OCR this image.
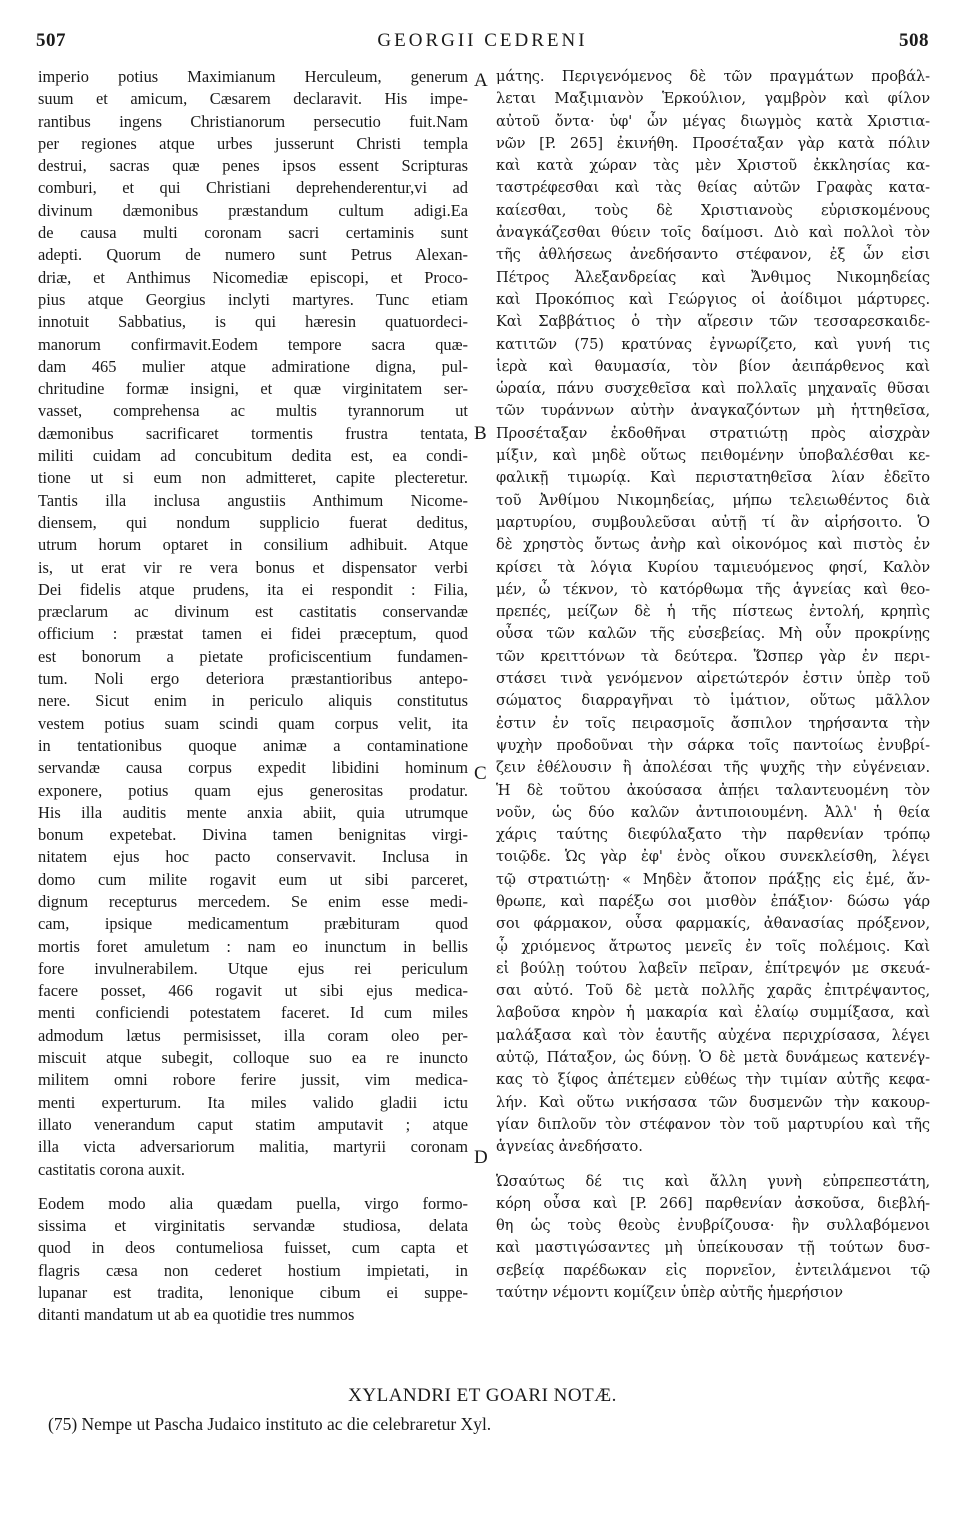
507	GEORGII CEDRENI	508
A
B
C
D
imperio potius Maximianum Herculeum, generum
suum et amicum, Cæsarem declaravit. His impe-
rantibus ingens Christianorum persecutio fuit.Nam
per regiones atque urbes jusserunt Christi templa
destrui, sacras quæ penes ipsos essent Scripturas
comburi, et qui Christiani deprehenderentur,vi ad
divinum dæmonibus præstandum cultum adigi.Ea
de causa multi coronam sacri certaminis sunt
adepti. Quorum de numero sunt Petrus Alexan-
driæ, et Anthimus Nicomediæ episcopi, et Proco-
pius atque Georgius inclyti martyres. Tunc etiam
innotuit Sabbatius, is qui hæresin quatuordeci-
manorum confirmavit.Eodem tempore sacra quæ-
dam 465 mulier atque admiratione digna, pul-
chritudine formæ insigni, et quæ virginitatem ser-
vasset, comprehensa ac multis tyrannorum ut
dæmonibus sacrificaret tormentis frustra tentata,
militi cuidam ad concubitum dedita est, ea condi-
tione ut si eum non admitteret, capite plecteretur.
Tantis illa inclusa angustiis Anthimum Nicome-
diensem, qui nondum supplicio fuerat deditus,
utrum horum optaret in consilium adhibuit. Atque
is, ut erat vir re vera bonus et dispensator verbi
Dei fidelis atque prudens, ita ei respondit : Filia,
præclarum ac divinum est castitatis conservandæ
officium : præstat tamen ei fidei præceptum, quod
est bonorum a pietate proficiscentium fundamen-
tum. Noli ergo deteriora præstantioribus antepo-
nere. Sicut enim in periculo aliquis constitutus
vestem potius suam scindi quam corpus velit, ita
in tentationibus quoque animæ a contaminatione
servandæ causa corpus expedit libidini hominum
exponere, potius quam ejus generositas prodatur.
His illa auditis mente anxia abiit, quia utrumque
bonum expetebat. Divina tamen benignitas virgi-
nitatem ejus hoc pacto conservavit. Inclusa in
domo cum milite rogavit eum ut sibi parceret,
dignum recepturus mercedem. Se enim esse medi-
cam, ipsique medicamentum præbituram quod
mortis foret amuletum : nam eo inunctum in bellis
fore invulnerabilem. Utque ejus rei periculum
facere posset, 466 rogavit ut sibi ejus medica-
menti conficiendi potestatem faceret. Id cum miles
admodum lætus permisisset, illa coram oleo per-
miscuit atque subegit, colloque suo ea re inuncto
militem omni robore ferire jussit, vim medica-
menti experturum. Ita miles valido gladii ictu
illato venerandum caput statim amputavit ; atque
illa victa adversariorum malitia, martyrii coronam
castitatis corona auxit.
Eodem modo alia quædam puella, virgo formo-
sissima et virginitatis servandæ studiosa, delata
quod in deos contumeliosa fuisset, cum capta et
flagris cæsa non cederet hostium impietati, in
lupanar est tradita, lenonique cibum ei suppe-
ditanti mandatum ut ab ea quotidie tres nummos
μάτης. Περιγενόμενος δὲ τῶν πραγμάτων προβάλ-
λεται Μαξιμιανὸν Ἑρκούλιον, γαμβρὸν καὶ φίλον
αὐτοῦ ὄντα· ὑφ' ὧν μέγας διωγμὸς κατὰ Χριστια-
νῶν [P. 265] ἐκινήθη. Προσέταξαν γὰρ κατὰ πόλιν
καὶ κατὰ χώραν τὰς μὲν Χριστοῦ ἐκκλησίας κα-
ταστρέφεσθαι καὶ τὰς θείας αὐτῶν Γραφὰς κατα-
καίεσθαι, τοὺς δὲ Χριστιανοὺς εὑρισκομένους
ἀναγκάζεσθαι θύειν τοῖς δαίμοσι. Διὸ καὶ πολλοὶ τὸν
τῆς ἀθλήσεως ἀνεδήσαντο στέφανον, ἐξ ὧν εἰσι
Πέτρος Ἀλεξανδρείας καὶ Ἄνθιμος Νικομηδείας
καὶ Προκόπιος καὶ Γεώργιος οἱ ἀοίδιμοι μάρτυρες.
Καὶ Σαββάτιος ὁ τὴν αἵρεσιν τῶν τεσσαρεσκαιδε-
κατιτῶν (75) κρατύνας ἐγνωρίζετο, καὶ γυνή τις
ἱερὰ καὶ θαυμασία, τὸν βίον ἀειπάρθενος καὶ
ὡραία, πάνυ συσχεθεῖσα καὶ πολλαῖς μηχαναῖς θῦσαι
τῶν τυράννων αὐτὴν ἀναγκαζόντων μὴ ἡττηθεῖσα,
Προσέταξαν ἐκδοθῆναι στρατιώτῃ πρὸς αἰσχρὰν
μίξιν, καὶ μηδὲ οὕτως πειθομένην ὑποβαλέσθαι κε-
φαλικῇ τιμωρίᾳ. Καὶ περιστατηθεῖσα λίαν ἐδεῖτο
τοῦ Ἀνθίμου Νικομηδείας, μήπω τελειωθέντος διὰ
μαρτυρίου, συμβουλεῦσαι αὐτῇ τί ἂν αἱρήσοιτο. Ὁ
δὲ χρηστὸς ὄντως ἀνὴρ καὶ οἰκονόμος καὶ πιστὸς ἐν
κρίσει τὰ λόγια Κυρίου ταμιευόμενος φησί, Καλὸν
μέν, ὦ τέκνον, τὸ κατόρθωμα τῆς ἁγνείας καὶ θεο-
πρεπές, μείζων δὲ ἡ τῆς πίστεως ἐντολή, κρηπὶς
οὖσα τῶν καλῶν τῆς εὐσεβείας. Μὴ οὖν προκρίνῃς
τῶν κρειττόνων τὰ δεύτερα. Ὥσπερ γὰρ ἐν περι-
στάσει τινὰ γενόμενον αἱρετώτερόν ἐστιν ὑπὲρ τοῦ
σώματος διαρραγῆναι τὸ ἱμάτιον, οὕτως μᾶλλον
ἐστιν ἐν τοῖς πειρασμοῖς ἄσπιλον τηρήσαντα τὴν
ψυχὴν προδοῦναι τὴν σάρκα τοῖς παντοίως ἐνυβρί-
ζειν ἐθέλουσιν ἢ ἀπολέσαι τῆς ψυχῆς τὴν εὐγένειαν.
Ἡ δὲ τοῦτου ἀκούσασα ἀπῄει ταλαντευομένη τὸν
νοῦν, ὡς δύο καλῶν ἀντιποιουμένη. Ἀλλ' ἡ θεία
χάρις ταύτης διεφύλαξατο τὴν παρθενίαν τρόπῳ
τοιῷδε. Ὡς γὰρ ἐφ' ἑνὸς οἴκου συνεκλείσθη, λέγει
τῷ στρατιώτῃ· « Μηδὲν ἄτοπον πράξῃς εἰς ἐμέ, ἄν-
θρωπε, καὶ παρέξω σοι μισθὸν ἐπάξιον· δώσω γάρ
σοι φάρμακον, οὖσα φαρμακίς, ἀθανασίας πρόξενον,
ᾧ χριόμενος ἄτρωτος μενεῖς ἐν τοῖς πολέμοις. Καὶ
εἰ βούλῃ τούτου λαβεῖν πεῖραν, ἐπίτρεψόν με σκευά-
σαι αὐτό. Τοῦ δὲ μετὰ πολλῆς χαρᾶς ἐπιτρέψαντος,
λαβοῦσα κηρὸν ἡ μακαρία καὶ ἐλαίῳ συμμίξασα, καὶ
μαλάξασα καὶ τὸν ἑαυτῆς αὐχένα περιχρίσασα, λέγει
αὐτῷ, Πάταξον, ὡς δύνῃ. Ὁ δὲ μετὰ δυνάμεως κατενέγ-
κας τὸ ξίφος ἀπέτεμεν εὐθέως τὴν τιμίαν αὐτῆς κεφα-
λήν. Καὶ οὕτω νικήσασα τῶν δυσμενῶν τὴν κακουρ-
γίαν διπλοῦν τὸν στέφανον τὸν τοῦ μαρτυρίου καὶ τῆς
ἁγνείας ἀνεδήσατο.
Ὡσαύτως δέ τις καὶ ἄλλη γυνὴ εὐπρεπεστάτη,
κόρη οὖσα καὶ [P. 266] παρθενίαν ἀσκοῦσα, διεβλή-
θη ὡς τοὺς θεοὺς ἐνυβρίζουσα· ἣν συλλαβόμενοι
καὶ μαστιγώσαντες μὴ ὑπείκουσαν τῇ τούτων δυσ-
σεβείᾳ παρέδωκαν εἰς πορνεῖον, ἐντειλάμενοι τῷ
ταύτην νέμοντι κομίζειν ὑπὲρ αὐτῆς ἡμερήσιον
XYLANDRI ET GOARI NOTÆ.
(75) Nempe ut Pascha Judaico instituto ac die celebraretur Xyl.
